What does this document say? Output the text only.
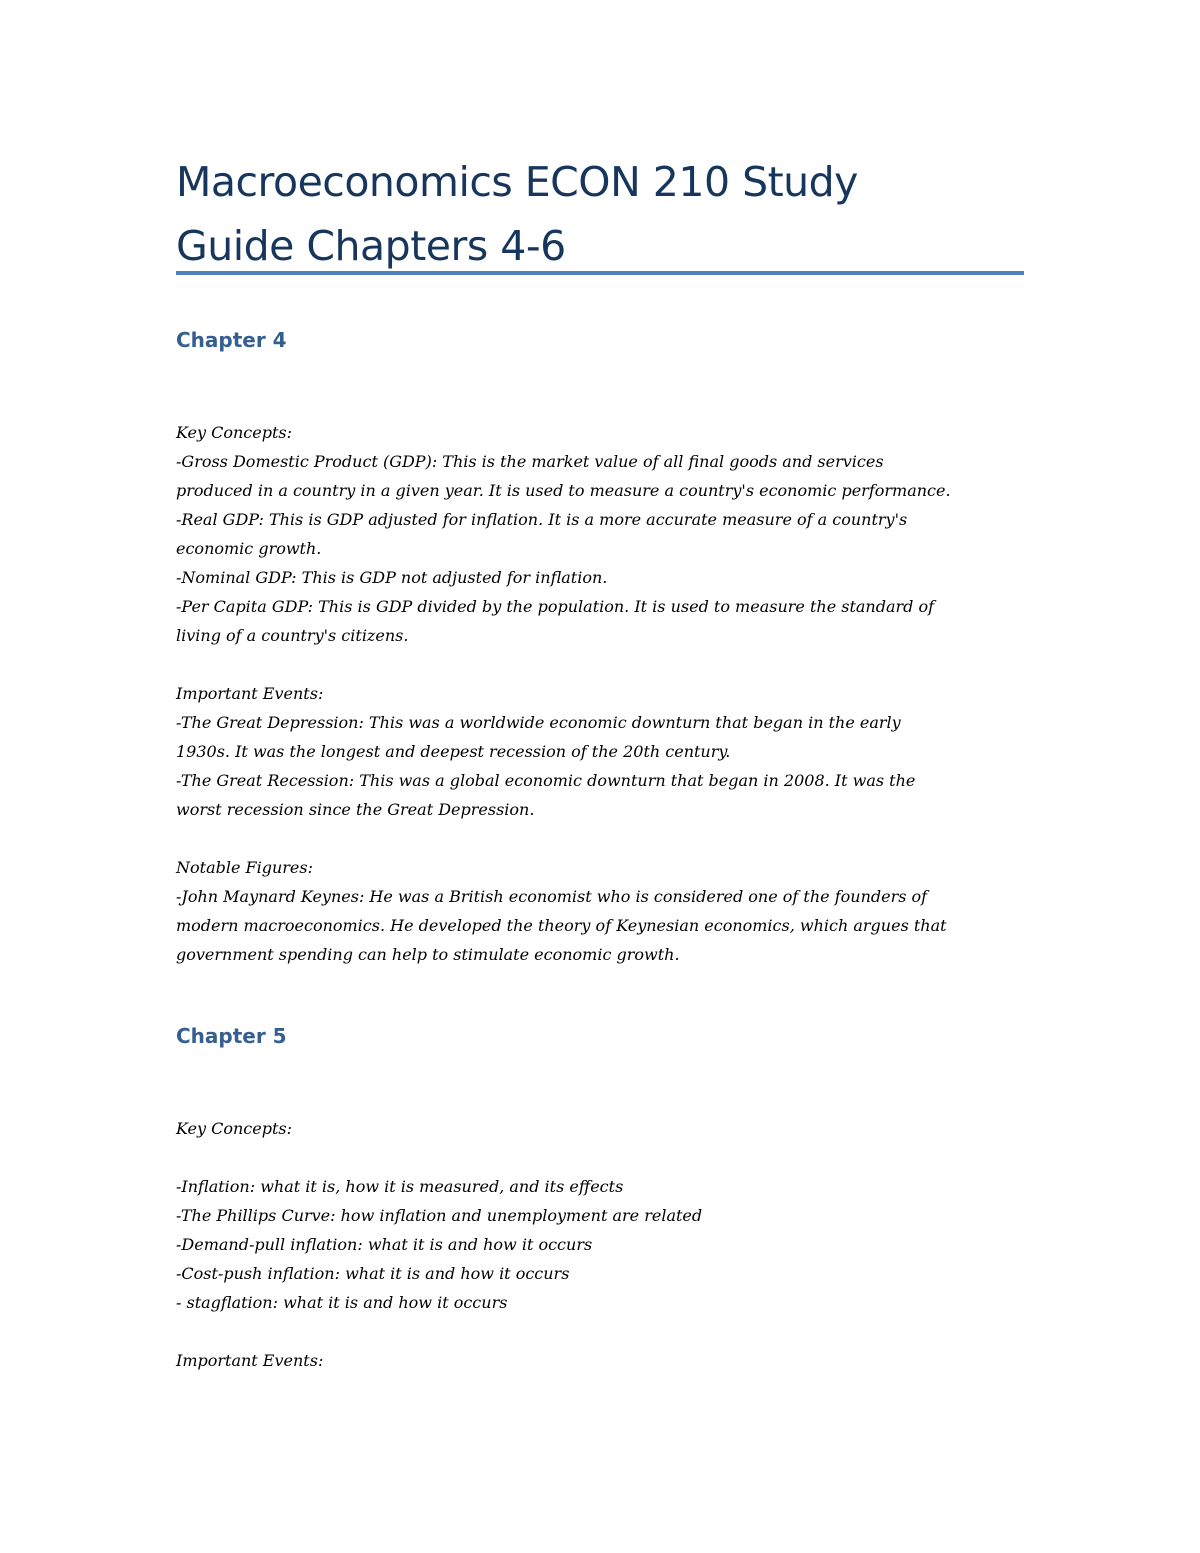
Macroeconomics ECON 210 Study
Guide Chapters 4-6
Chapter 4
Key Concepts:
-Gross Domestic Product (GDP): This is the market value of all final goods and services
produced in a country in a given year. It is used to measure a country's economic performance.
-Real GDP: This is GDP adjusted for inflation. It is a more accurate measure of a country's
economic growth.
-Nominal GDP: This is GDP not adjusted for inflation.
-Per Capita GDP: This is GDP divided by the population. It is used to measure the standard of
living of a country's citizens.
Important Events:
-The Great Depression: This was a worldwide economic downturn that began in the early
1930s. It was the longest and deepest recession of the 20th century.
-The Great Recession: This was a global economic downturn that began in 2008. It was the
worst recession since the Great Depression.
Notable Figures:
-John Maynard Keynes: He was a British economist who is considered one of the founders of
modern macroeconomics. He developed the theory of Keynesian economics, which argues that
government spending can help to stimulate economic growth.
Chapter 5
Key Concepts:
-Inflation: what it is, how it is measured, and its effects
-The Phillips Curve: how inflation and unemployment are related
-Demand-pull inflation: what it is and how it occurs
-Cost-push inflation: what it is and how it occurs
- stagflation: what it is and how it occurs
Important Events:
